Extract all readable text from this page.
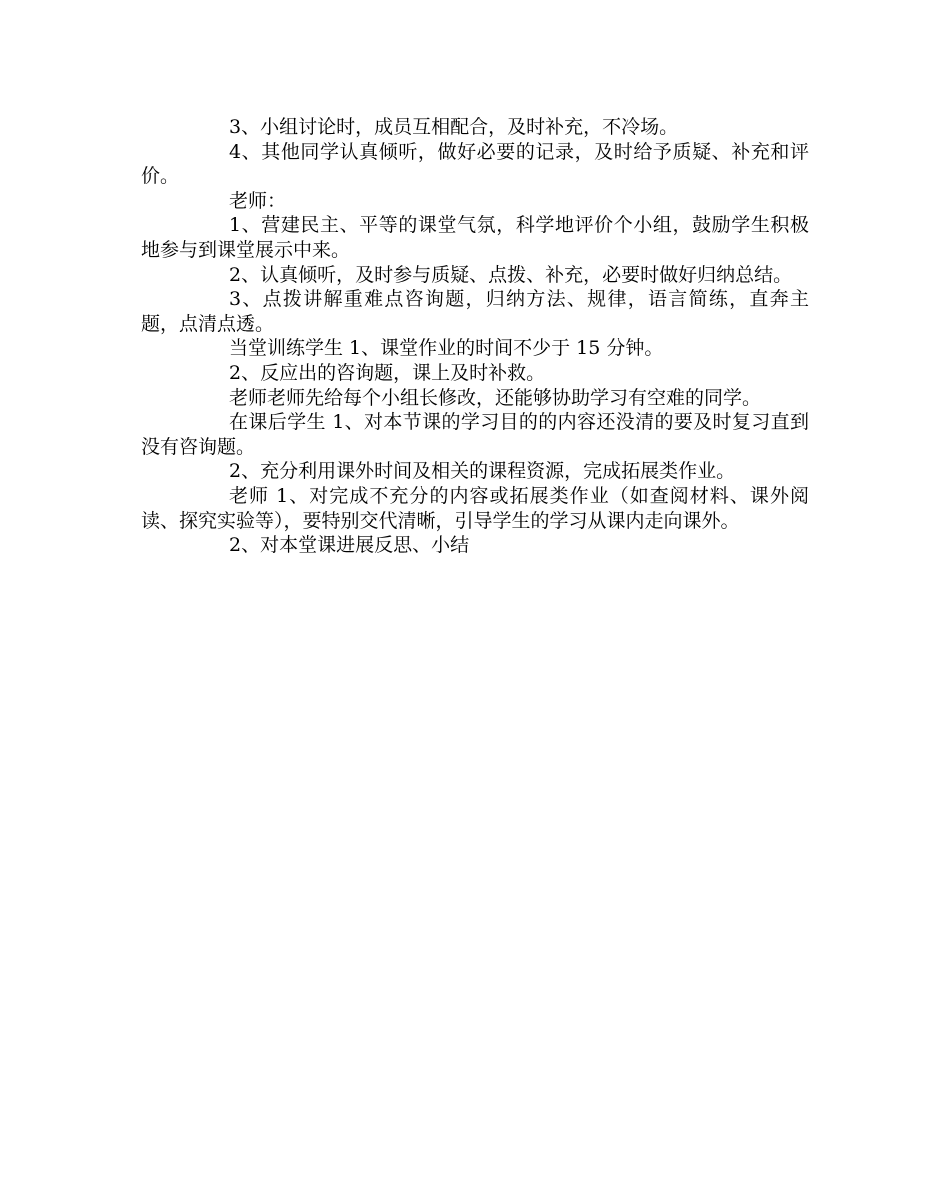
3、小组讨论时，成员互相配合，及时补充，不冷场。

4、其他同学认真倾听，做好必要的记录，及时给予质疑、补充和评价。

老师：

1、营建民主、平等的课堂气氛，科学地评价个小组，鼓励学生积极地参与到课堂展示中来。

2、认真倾听，及时参与质疑、点拨、补充，必要时做好归纳总结。

3、点拨讲解重难点咨询题，归纳方法、规律，语言简练，直奔主题，点清点透。

当堂训练学生 1、课堂作业的时间不少于 15 分钟。

2、反应出的咨询题，课上及时补救。

老师老师先给每个小组长修改，还能够协助学习有空难的同学。

在课后学生 1、对本节课的学习目的的内容还没清的要及时复习直到没有咨询题。

2、充分利用课外时间及相关的课程资源，完成拓展类作业。

老师 1、对完成不充分的内容或拓展类作业（如查阅材料、课外阅读、探究实验等），要特别交代清晰，引导学生的学习从课内走向课外。

2、对本堂课进展反思、小结
